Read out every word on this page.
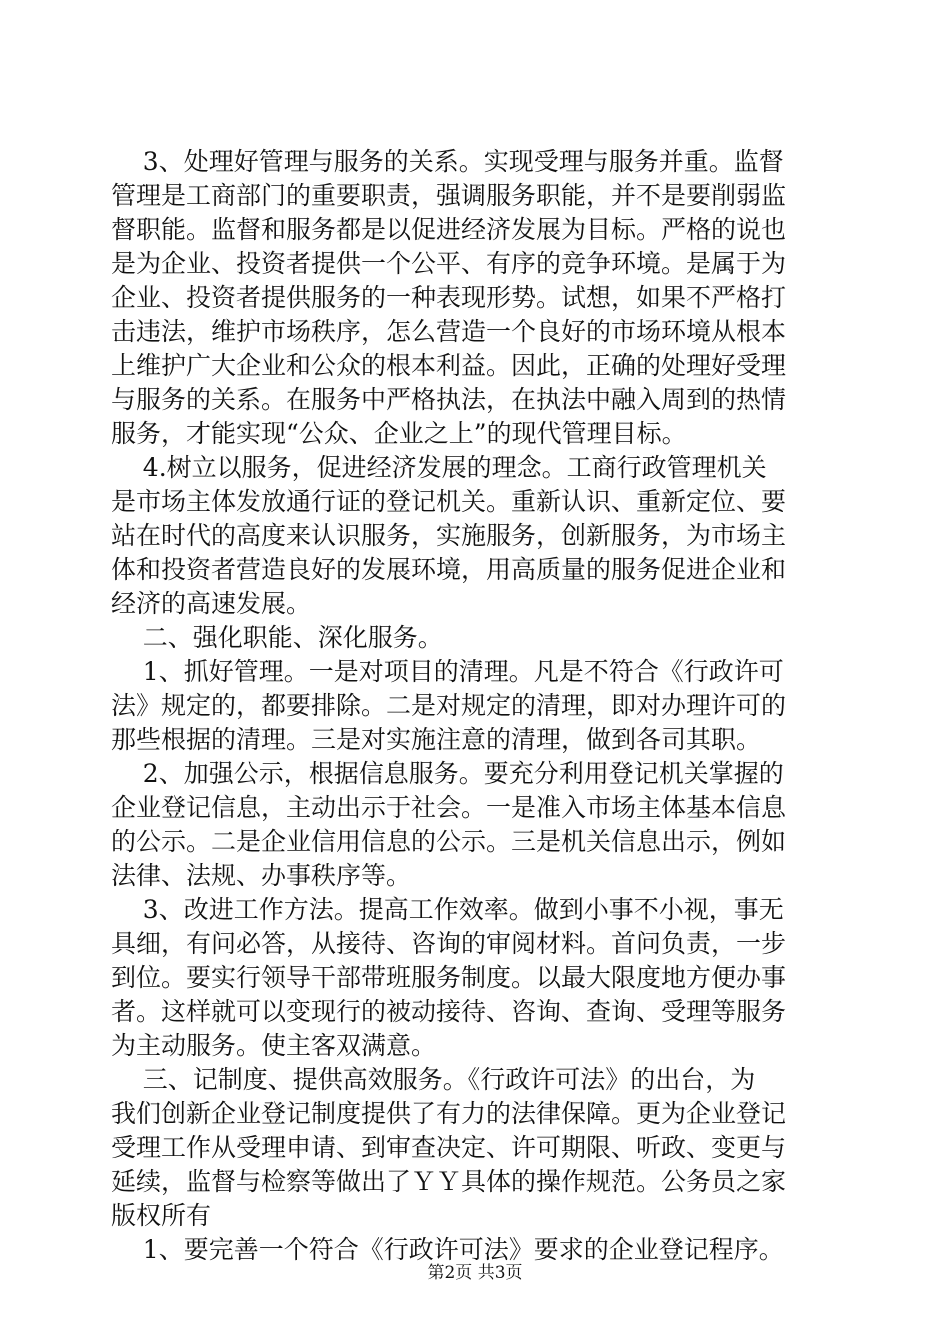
3、处理好管理与服务的关系。实现受理与服务并重。监督
管理是工商部门的重要职责，强调服务职能，并不是要削弱监
督职能。监督和服务都是以促进经济发展为目标。严格的说也
是为企业、投资者提供一个公平、有序的竞争环境。是属于为
企业、投资者提供服务的一种表现形势。试想，如果不严格打
击违法，维护市场秩序，怎么营造一个良好的市场环境从根本
上维护广大企业和公众的根本利益。因此，正确的处理好受理
与服务的关系。在服务中严格执法，在执法中融入周到的热情
服务，才能实现“公众、企业之上”的现代管理目标。
4.树立以服务，促进经济发展的理念。工商行政管理机关
是市场主体发放通行证的登记机关。重新认识、重新定位、要
站在时代的高度来认识服务，实施服务，创新服务，为市场主
体和投资者营造良好的发展环境，用高质量的服务促进企业和
经济的高速发展。
二、强化职能、深化服务。
1、抓好管理。一是对项目的清理。凡是不符合《行政许可
法》规定的，都要排除。二是对规定的清理，即对办理许可的
那些根据的清理。三是对实施注意的清理，做到各司其职。
2、加强公示，根据信息服务。要充分利用登记机关掌握的
企业登记信息，主动出示于社会。一是准入市场主体基本信息
的公示。二是企业信用信息的公示。三是机关信息出示，例如
法律、法规、办事秩序等。
3、改进工作方法。提高工作效率。做到小事不小视，事无
具细，有问必答，从接待、咨询的审阅材料。首问负责，一步
到位。要实行领导干部带班服务制度。以最大限度地方便办事
者。这样就可以变现行的被动接待、咨询、查询、受理等服务
为主动服务。使主客双满意。
三、记制度、提供高效服务。《行政许可法》的出台，为
我们创新企业登记制度提供了有力的法律保障。更为企业登记
受理工作从受理申请、到审查决定、许可期限、听政、变更与
延续，监督与检察等做出了ＹＹ具体的操作规范。公务员之家
版权所有
1、要完善一个符合《行政许可法》要求的企业登记程序。
第2页 共3页
